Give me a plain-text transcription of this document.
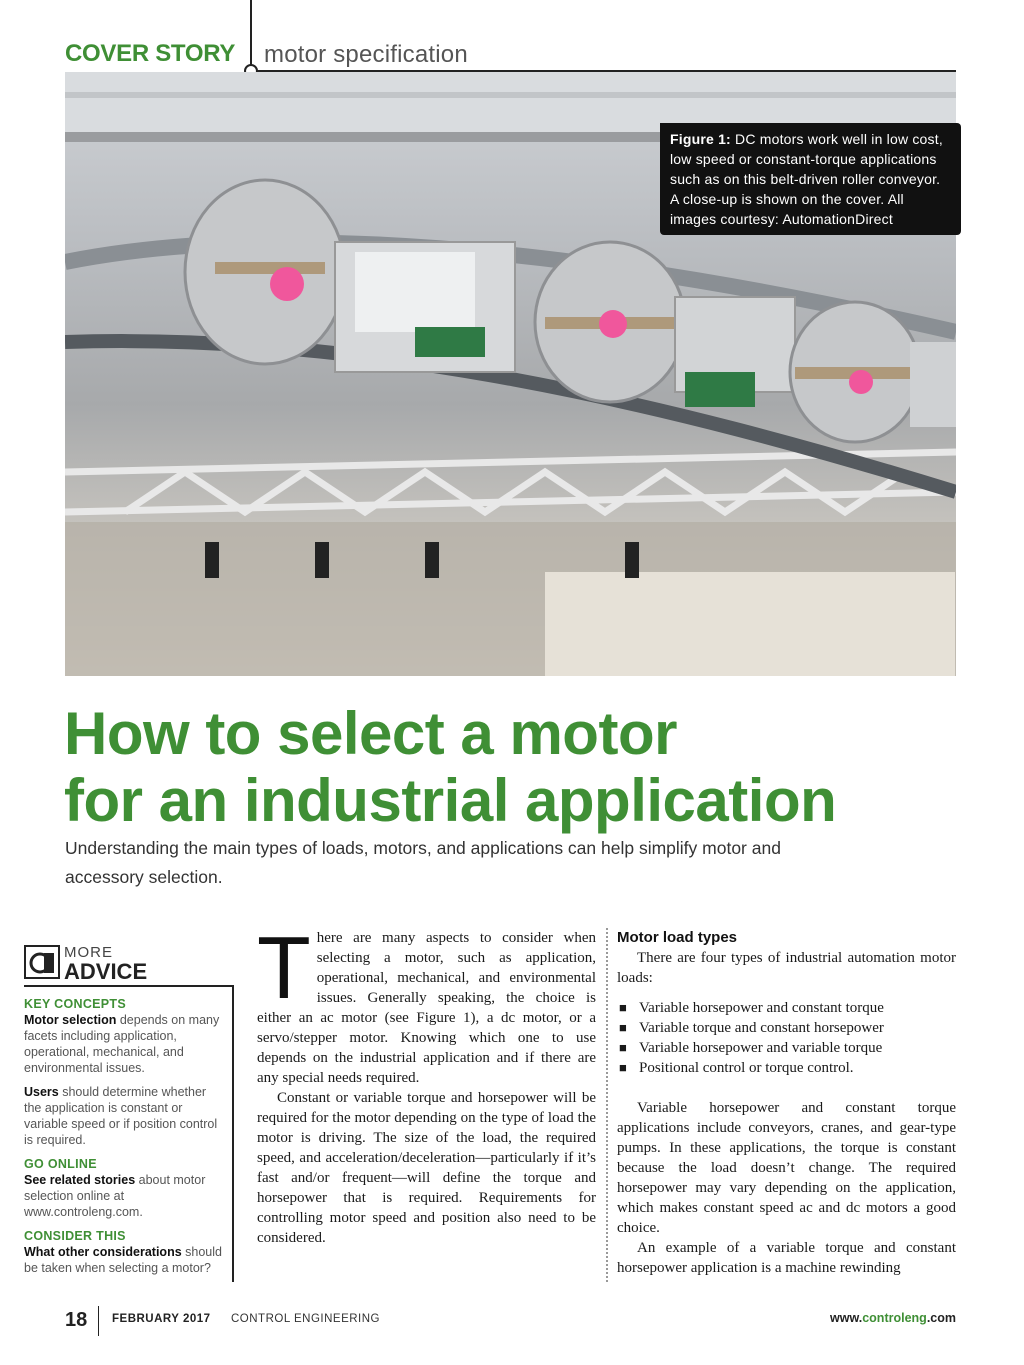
COVER STORY motor specification
Figure 1: DC motors work well in low cost, low speed or constant-torque applications such as on this belt-driven roller conveyor. A close-up is shown on the cover. All images courtesy: AutomationDirect
How to select a motor
for an industrial application
Understanding the main types of loads, motors, and applications can help simplify motor and accessory selection.
MORE
ADVICE
KEY CONCEPTS

Motor selection depends on many facets including application, operational, mechanical, and environmental issues.

Users should determine whether the application is constant or variable speed or if position control is required.

GO ONLINE

See related stories about motor selection online at www.controleng.com.

CONSIDER THIS

What other considerations should be taken when selecting a motor?

There are many aspects to consider when selecting a motor, such as application, operational, mechanical, and environmental issues. Generally speaking, the choice is either an ac motor (see Figure 1), a dc motor, or a servo/stepper motor. Knowing which one to use depends on the industrial application and if there are any special needs required.

Constant or variable torque and horsepower will be required for the motor depending on the type of load the motor is driving. The size of the load, the required speed, and acceleration/deceleration—particularly if it’s fast and/or frequent—will define the torque and horsepower that is required. Requirements for controlling motor speed and position also need to be considered.

Motor load types

There are four types of industrial automation motor loads:

■ Variable horsepower and constant torque
■ Variable torque and constant horsepower
■ Variable horsepower and variable torque
■ Positional control or torque control.

Variable horsepower and constant torque applications include conveyors, cranes, and gear-type pumps. In these applications, the torque is constant because the load doesn’t change. The required horsepower may vary depending on the application, which makes constant speed ac and dc motors a good choice.

An example of a variable torque and constant horsepower application is a machine rewinding

18 FEBRUARY 2017 CONTROL ENGINEERING	www.controleng.com
